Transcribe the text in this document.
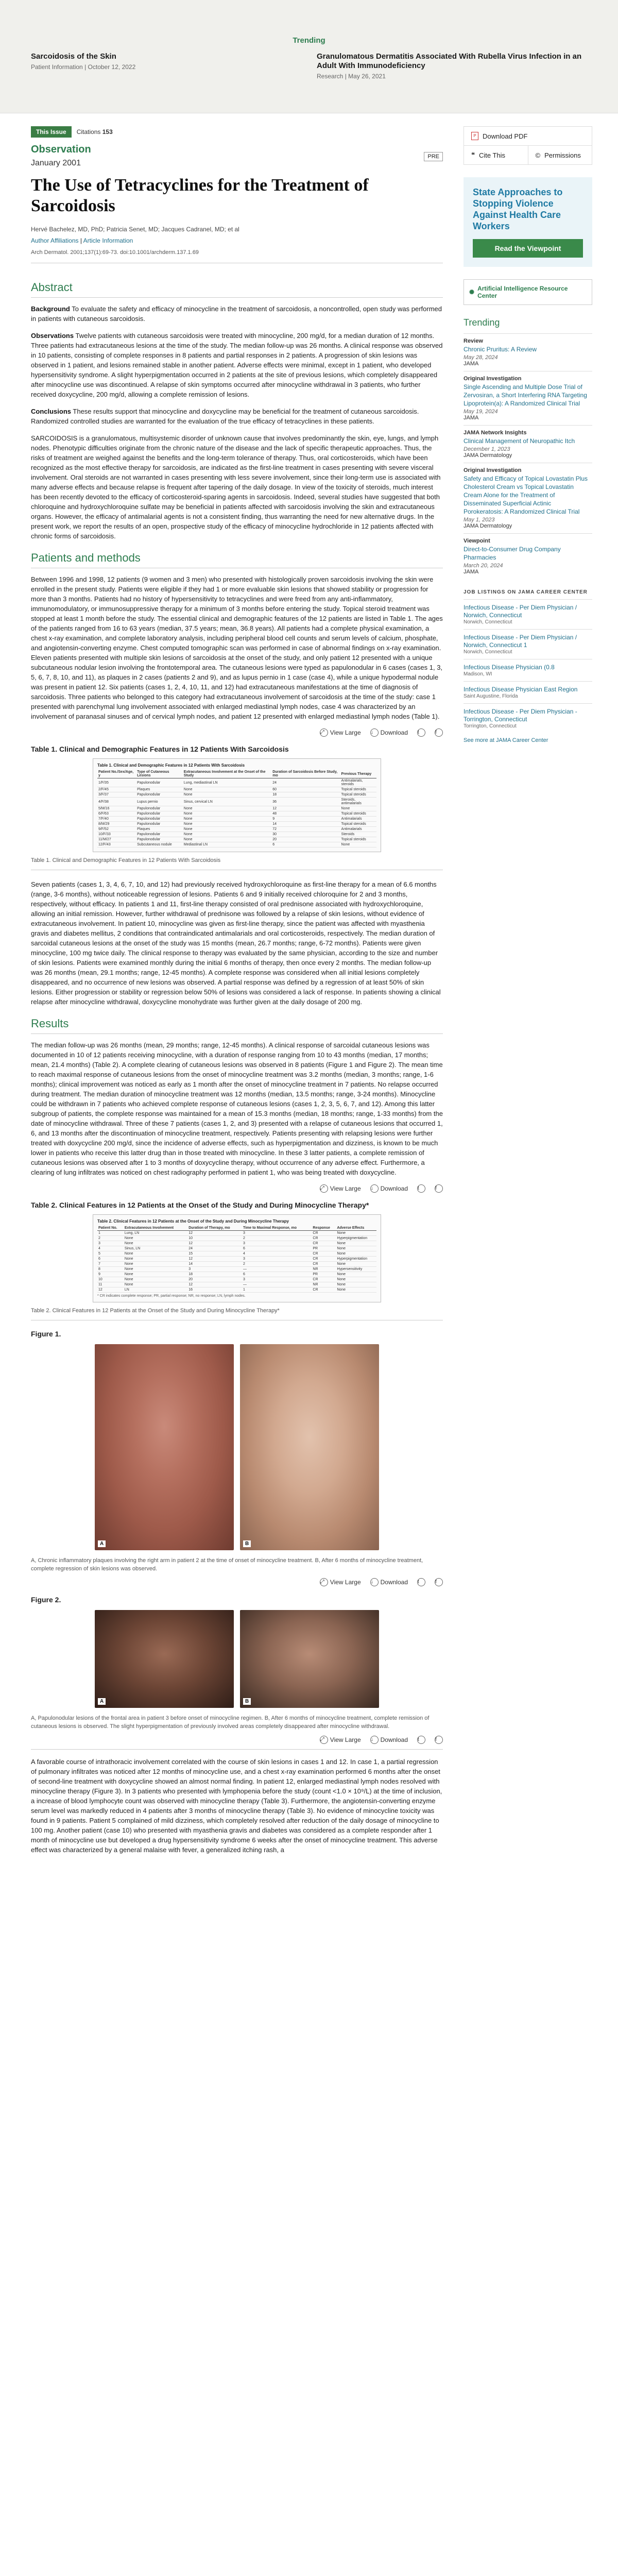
Trending
Sarcoidosis of the Skin
Patient Information | October 12, 2022
Granulomatous Dermatitis Associated With Rubella Virus Infection in an Adult With Immunodeficiency
Research | May 26, 2021
This Issue	Citations 153
PRE
Observation
January 2001
The Use of Tetracyclines for the Treatment of Sarcoidosis
Hervé Bachelez, MD, PhD; Patricia Senet, MD; Jacques Cadranel, MD; et al
Author Affiliations | Article Information
Arch Dermatol. 2001;137(1):69-73. doi:10.1001/archderm.137.1.69
Abstract

Background To evaluate the safety and efficacy of minocycline in the treatment of sarcoidosis, a noncontrolled, open study was performed in patients with cutaneous sarcoidosis.

Observations Twelve patients with cutaneous sarcoidosis were treated with minocycline, 200 mg/d, for a median duration of 12 months. Three patients had extracutaneous lesions at the time of the study. The median follow-up was 26 months. A clinical response was observed in 10 patients, consisting of complete responses in 8 patients and partial responses in 2 patients. A progression of skin lesions was observed in 1 patient, and lesions remained stable in another patient. Adverse effects were minimal, except in 1 patient, who developed hypersensitivity syndrome. A slight hyperpigmentation occurred in 2 patients at the site of previous lesions, which completely disappeared after minocycline use was discontinued. A relapse of skin symptoms occurred after minocycline withdrawal in 3 patients, who further received doxycycline, 200 mg/d, allowing a complete remission of lesions.

Conclusions These results support that minocycline and doxycycline may be beneficial for the treatment of cutaneous sarcoidosis. Randomized controlled studies are warranted for the evaluation of the true efficacy of tetracyclines in these patients.

SARCOIDOSIS is a granulomatous, multisystemic disorder of unknown cause that involves predominantly the skin, eye, lungs, and lymph nodes. Phenotypic difficulties originate from the chronic nature of the disease and the lack of specific therapeutic approaches. Thus, the risks of treatment are weighed against the benefits and the long-term tolerance of therapy. Thus, oral corticosteroids, which have been recognized as the most effective therapy for sarcoidosis, are indicated as the first-line treatment in cases presenting with severe visceral involvement. Oral steroids are not warranted in cases presenting with less severe involvement, since their long-term use is associated with many adverse effects and because relapse is frequent after tapering of the daily dosage. In view of the toxicity of steroids, much interest has been recently devoted to the efficacy of corticosteroid-sparing agents in sarcoidosis. Indeed, several studies have suggested that both chloroquine and hydroxychloroquine sulfate may be beneficial in patients affected with sarcoidosis involving the skin and extracutaneous organs. However, the efficacy of antimalarial agents is not a consistent finding, thus warranting the need for new alternative drugs. In the present work, we report the results of an open, prospective study of the efficacy of minocycline hydrochloride in 12 patients affected with chronic forms of sarcoidosis.

Patients and methods

Between 1996 and 1998, 12 patients (9 women and 3 men) who presented with histologically proven sarcoidosis involving the skin were enrolled in the present study. Patients were eligible if they had 1 or more evaluable skin lesions that showed stability or progression for more than 3 months. Patients had no history of hypersensitivity to tetracyclines and were freed from any anti-inflammatory, immunomodulatory, or immunosuppressive therapy for a minimum of 3 months before entering the study. Topical steroid treatment was stopped at least 1 month before the study. The essential clinical and demographic features of the 12 patients are listed in Table 1. The ages of the patients ranged from 16 to 63 years (median, 37.5 years; mean, 36.8 years). All patients had a complete physical examination, a chest x-ray examination, and complete laboratory analysis, including peripheral blood cell counts and serum levels of calcium, phosphate, and angiotensin-converting enzyme. Chest computed tomographic scan was performed in case of abnormal findings on x-ray examination. Eleven patients presented with multiple skin lesions of sarcoidosis at the onset of the study, and only patient 12 presented with a unique subcutaneous nodular lesion involving the frontotemporal area. The cutaneous lesions were typed as papulonodular in 6 cases (cases 1, 3, 5, 6, 7, 8, 10, and 11), as plaques in 2 cases (patients 2 and 9), and as lupus pernio in 1 case (case 4), while a unique hypodermal nodule was present in patient 12. Six patients (cases 1, 2, 4, 10, 11, and 12) had extracutaneous manifestations at the time of diagnosis of sarcoidosis. Three patients who belonged to this category had extracutaneous involvement of sarcoidosis at the time of the study: case 1 presented with parenchymal lung involvement associated with enlarged mediastinal lymph nodes, case 4 was characterized by an involvement of paranasal sinuses and of cervical lymph nodes, and patient 12 presented with enlarged mediastinal lymph nodes (Table 1).

⤢ View Large ↓	Download t	f
Table 1. Clinical and Demographic Features in 12 Patients With Sarcoidosis
Table 1. Clinical and Demographic Features in 12 Patients With Sarcoidosis
Patient No./Sex/Age, y	Type of Cutaneous Lesions	Extracutaneous Involvement at the Onset of the Study	Duration of Sarcoidosis Before Study, mo	Previous Therapy
1/F/35	Papulonodular	Lung, mediastinal LN	24	Antimalarials, steroids
2/F/45	Plaques	None	60	Topical steroids
3/F/37	Papulonodular	None	18	Topical steroids
4/F/38	Lupus pernio	Sinus, cervical LN	36	Steroids, antimalarials
5/M/16	Papulonodular	None	12	None
6/F/63	Papulonodular	None	48	Topical steroids
7/F/40	Papulonodular	None	9	Antimalarials
8/M/29	Papulonodular	None	14	Topical steroids
9/F/52	Plaques	None	72	Antimalarials
10/F/33	Papulonodular	None	30	Steroids
11/M/27	Papulonodular	None	20	Topical steroids
12/F/43	Subcutaneous nodule	Mediastinal LN	6	None
Table 1. Clinical and Demographic Features in 12 Patients With Sarcoidosis

Seven patients (cases 1, 3, 4, 6, 7, 10, and 12) had previously received hydroxychloroquine as first-line therapy for a mean of 6.6 months (range, 3-6 months), without noticeable regression of lesions. Patients 6 and 9 initially received chloroquine for 2 and 3 months, respectively, without efficacy. In patients 1 and 11, first-line therapy consisted of oral prednisone associated with hydroxychloroquine, allowing an initial remission. However, further withdrawal of prednisone was followed by a relapse of skin lesions, without evidence of extracutaneous involvement. In patient 10, minocycline was given as first-line therapy, since the patient was affected with myasthenia gravis and diabetes mellitus, 2 conditions that contraindicated antimalarials and oral corticosteroids, respectively. The median duration of sarcoidal cutaneous lesions at the onset of the study was 15 months (mean, 26.7 months; range, 6-72 months). Patients were given minocycline, 100 mg twice daily. The clinical response to therapy was evaluated by the same physician, according to the size and number of skin lesions. Patients were examined monthly during the initial 6 months of therapy, then once every 2 months. The median follow-up was 26 months (mean, 29.1 months; range, 12-45 months). A complete response was considered when all initial lesions completely disappeared, and no occurrence of new lesions was observed. A partial response was defined by a regression of at least 50% of skin lesions. Either progression or stability or regression below 50% of lesions was considered a lack of response. In patients showing a clinical relapse after minocycline withdrawal, doxycycline monohydrate was further given at the daily dosage of 200 mg.

Results

The median follow-up was 26 months (mean, 29 months; range, 12-45 months). A clinical response of sarcoidal cutaneous lesions was documented in 10 of 12 patients receiving minocycline, with a duration of response ranging from 10 to 43 months (median, 17 months; mean, 21.4 months) (Table 2). A complete clearing of cutaneous lesions was observed in 8 patients (Figure 1 and Figure 2). The mean time to reach maximal response of cutaneous lesions from the onset of minocycline treatment was 3.2 months (median, 3 months; range, 1-6 months); clinical improvement was noticed as early as 1 month after the onset of minocycline treatment in 7 patients. No relapse occurred during treatment. The median duration of minocycline treatment was 12 months (median, 13.5 months; range, 3-24 months). Minocycline could be withdrawn in 7 patients who achieved complete response of cutaneous lesions (cases 1, 2, 3, 5, 6, 7, and 12). Among this latter subgroup of patients, the complete response was maintained for a mean of 15.3 months (median, 18 months; range, 1-33 months) from the date of minocycline withdrawal. Three of these 7 patients (cases 1, 2, and 3) presented with a relapse of cutaneous lesions that occurred 1, 6, and 13 months after the discontinuation of minocycline treatment, respectively. Patients presenting with relapsing lesions were further treated with doxycycline 200 mg/d, since the incidence of adverse effects, such as hyperpigmentation and dizziness, is known to be much lower in patients who receive this latter drug than in those treated with minocycline. In these 3 latter patients, a complete remission of cutaneous lesions was observed after 1 to 3 months of doxycycline therapy, without occurrence of any adverse effect. Furthermore, a clearing of lung infiltrates was noticed on chest radiography performed in patient 1, who was being treated with doxycycline.

⤢ View Large ↓	Download t	f
Table 2. Clinical Features in 12 Patients at the Onset of the Study and During Minocycline Therapy*
Table 2. Clinical Features in 12 Patients at the Onset of the Study and During Minocycline Therapy
Patient No.	Extracutaneous Involvement	Duration of Therapy, mo	Time to Maximal Response, mo	Response	Adverse Effects
1	Lung, LN	12	3	CR	None
2	None	10	2	CR	Hyperpigmentation
3	None	12	3	CR	None
4	Sinus, LN	24	6	PR	None
5	None	15	4	CR	None
6	None	12	3	CR	Hyperpigmentation
7	None	14	2	CR	None
8	None	3	—	NR	Hypersensitivity
9	None	18	6	PR	None
10	None	20	3	CR	None
11	None	12	—	NR	None
12	LN	16	1	CR	None
* CR indicates complete response; PR, partial response; NR, no response; LN, lymph nodes.
Table 2. Clinical Features in 12 Patients at the Onset of the Study and During Minocycline Therapy*
Figure 1.
A	B
A, Chronic inflammatory plaques involving the right arm in patient 2 at the time of onset of minocycline treatment. B, After 6 months of minocycline treatment, complete regression of skin lesions was observed.
⤢ View Large ↓	Download t	f
Figure 2.
A	B
A, Papulonodular lesions of the frontal area in patient 3 before onset of minocycline regimen. B, After 6 months of minocycline treatment, complete remission of cutaneous lesions is observed. The slight hyperpigmentation of previously involved areas completely disappeared after minocycline withdrawal.
⤢ View Large ↓	Download t	f

A favorable course of intrathoracic involvement correlated with the course of skin lesions in cases 1 and 12. In case 1, a partial regression of pulmonary infiltrates was noticed after 12 months of minocycline use, and a chest x-ray examination performed 6 months after the onset of second-line treatment with doxycycline showed an almost normal finding. In patient 12, enlarged mediastinal lymph nodes resolved with minocycline therapy (Figure 3). In 3 patients who presented with lymphopenia before the study (count <1.0 × 10⁹/L) at the time of inclusion, a increase of blood lymphocyte count was observed with minocycline therapy (Table 3). Furthermore, the angiotensin-converting enzyme serum level was markedly reduced in 4 patients after 3 months of minocycline therapy (Table 3). No evidence of minocycline toxicity was found in 9 patients. Patient 5 complained of mild dizziness, which completely resolved after reduction of the daily dosage of minocycline to 100 mg. Another patient (case 10) who presented with myasthenia gravis and diabetes was considered as a complete responder after 1 month of minocycline use but developed a drug hypersensitivity syndrome 6 weeks after the onset of minocycline treatment. This adverse effect was characterized by a general malaise with fever, a generalized itching rash, a

P Download PDF
❝ Cite This	© Permissions
State Approaches to Stopping Violence Against Health Care Workers
Read the Viewpoint
✺ Artificial Intelligence Resource Center
Trending
Review
Chronic Pruritus: A Review
May 28, 2024
JAMA
Original Investigation
Single Ascending and Multiple Dose Trial of Zervosiran, a Short Interfering RNA Targeting Lipoprotein(a): A Randomized Clinical Trial
May 19, 2024
JAMA
JAMA Network Insights
Clinical Management of Neuropathic Itch
December 1, 2023
JAMA Dermatology
Original Investigation
Safety and Efficacy of Topical Lovastatin Plus Cholesterol Cream vs Topical Lovastatin Cream Alone for the Treatment of Disseminated Superficial Actinic Porokeratosis: A Randomized Clinical Trial
May 1, 2023
JAMA Dermatology
Viewpoint
Direct-to-Consumer Drug Company Pharmacies
March 20, 2024
JAMA
JOB LISTINGS ON JAMA CAREER CENTER
Infectious Disease - Per Diem Physician / Norwich, Connecticut
Norwich, Connecticut
Infectious Disease - Per Diem Physician / Norwich, Connecticut 1
Norwich, Connecticut
Infectious Disease Physician (0.8
Madison, WI
Infectious Disease Physician East Region
Saint Augustine, Florida
Infectious Disease - Per Diem Physician - Torrington, Connecticut
Torrington, Connecticut
See more at JAMA Career Center
